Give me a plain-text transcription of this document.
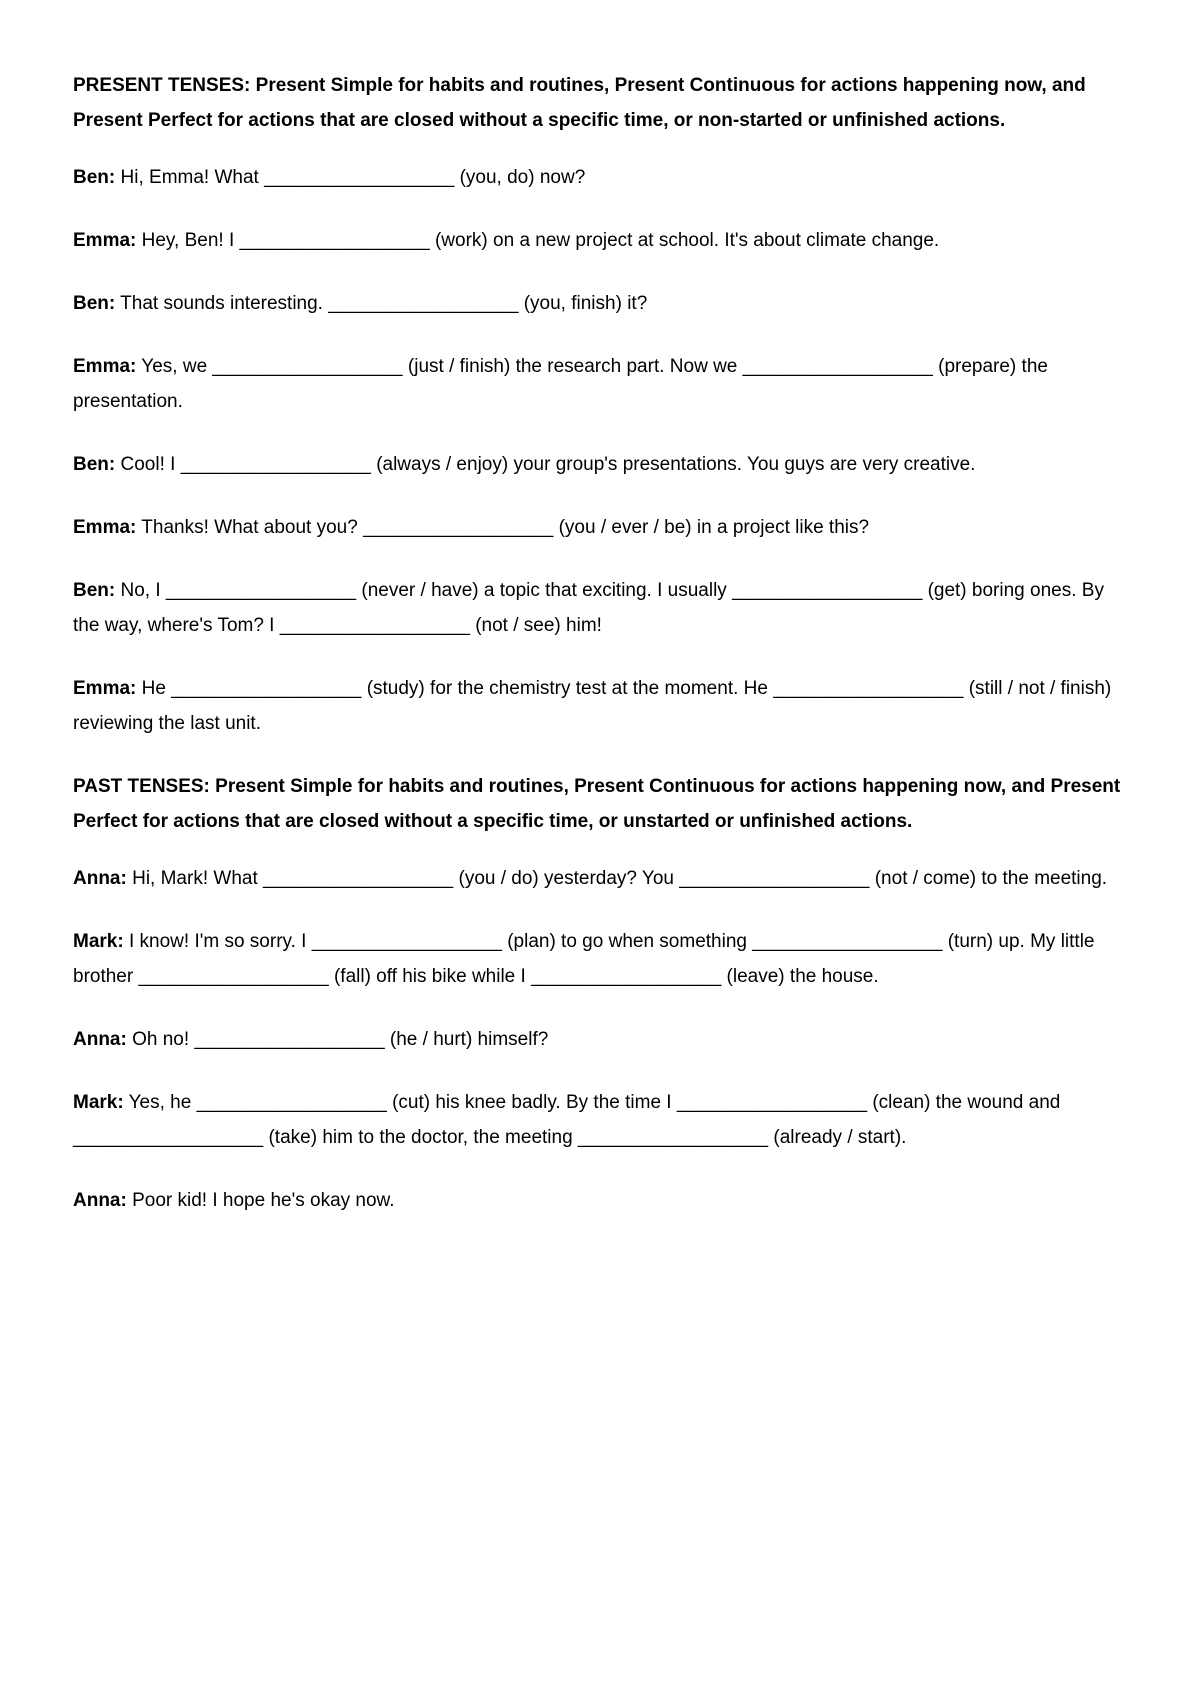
PRESENT TENSES: Present Simple for habits and routines, Present Continuous for actions happening now, and Present Perfect for actions that are closed without a specific time, or non-started or unfinished actions.

Ben: Hi, Emma! What __________________ (you, do) now?

Emma: Hey, Ben! I __________________ (work) on a new project at school. It's about climate change.

Ben: That sounds interesting. __________________ (you, finish) it?

Emma: Yes, we __________________ (just / finish) the research part. Now we __________________ (prepare) the presentation.

Ben: Cool! I __________________ (always / enjoy) your group's presentations. You guys are very creative.

Emma: Thanks! What about you? __________________ (you / ever / be) in a project like this?

Ben: No, I __________________ (never / have) a topic that exciting. I usually __________________ (get) boring ones. By the way, where's Tom? I __________________ (not / see) him!

Emma: He __________________ (study) for the chemistry test at the moment. He __________________ (still / not / finish) reviewing the last unit.

PAST TENSES: Present Simple for habits and routines, Present Continuous for actions happening now, and Present Perfect for actions that are closed without a specific time, or unstarted or unfinished actions.

Anna: Hi, Mark! What __________________ (you / do) yesterday? You __________________ (not / come) to the meeting.

Mark: I know! I'm so sorry. I __________________ (plan) to go when something __________________ (turn) up. My little brother __________________ (fall) off his bike while I __________________ (leave) the house.

Anna: Oh no! __________________ (he / hurt) himself?

Mark: Yes, he __________________ (cut) his knee badly. By the time I __________________ (clean) the wound and __________________ (take) him to the doctor, the meeting __________________ (already / start).

Anna: Poor kid! I hope he's okay now.
